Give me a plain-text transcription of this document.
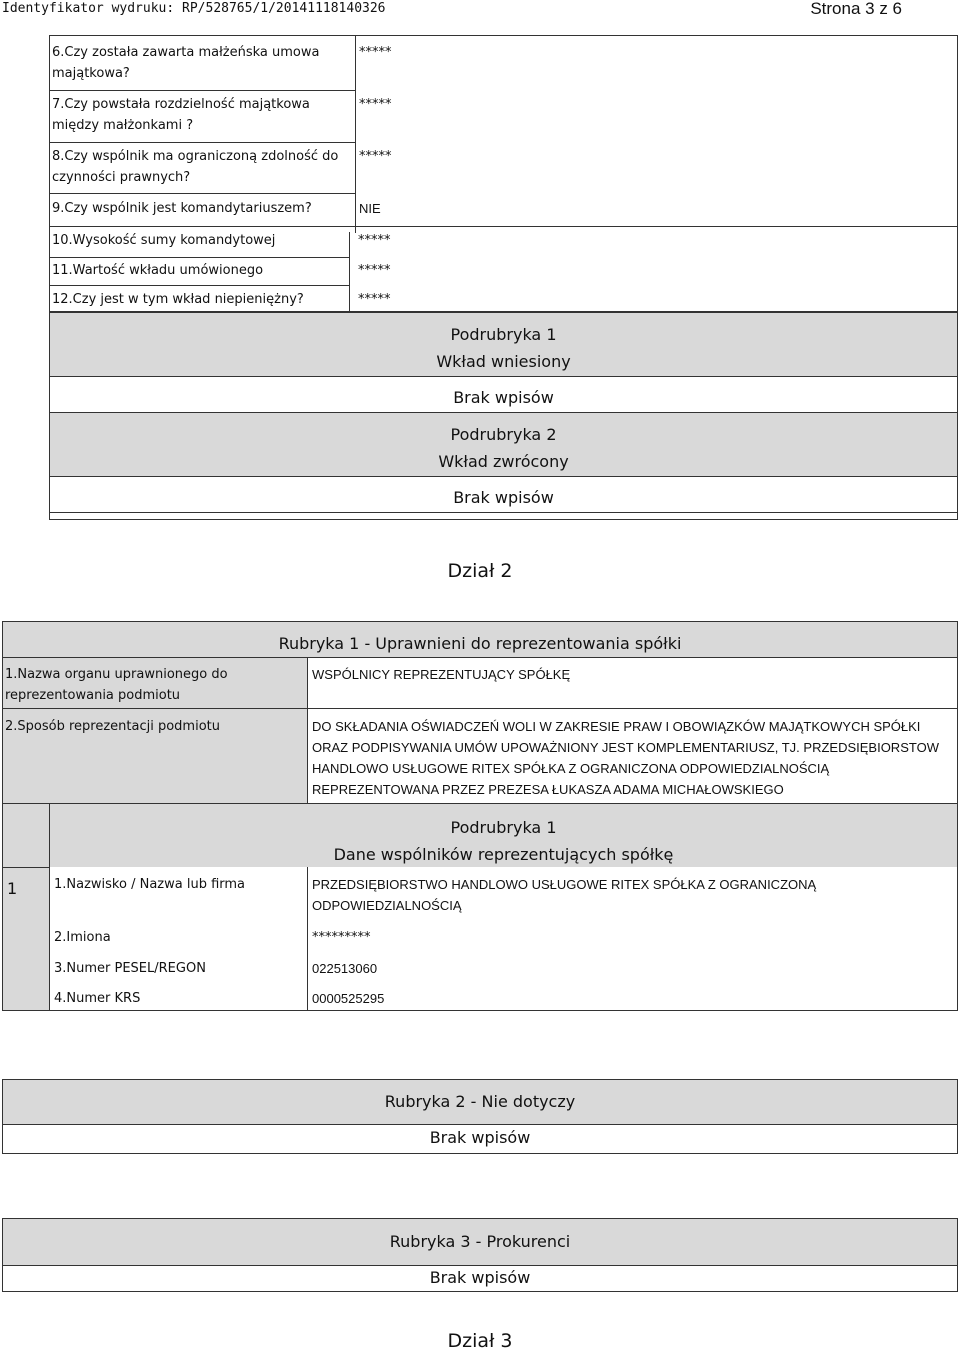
Identyfikator wydruku: RP/528765/1/20141118140326	Strona 3 z 6
6.Czy została zawarta małżeńska umowa majątkowa?
*****
7.Czy powstała rozdzielność majątkowa między małżonkami ?
*****
8.Czy wspólnik ma ograniczoną zdolność do czynności prawnych?
*****
9.Czy wspólnik jest komandytariuszem?	NIE
10.Wysokość sumy komandytowej	*****
11.Wartość wkładu umówionego	*****
12.Czy jest w tym wkład niepieniężny?	*****
Podrubryka 1
Wkład wniesiony
Brak wpisów
Podrubryka 2
Wkład zwrócony
Brak wpisów
Dział 2
Rubryka 1 - Uprawnieni do reprezentowania spółki
1.Nazwa organu uprawnionego do reprezentowania podmiotu
WSPÓLNICY REPREZENTUJĄCY SPÓŁKĘ
2.Sposób reprezentacji podmiotu	DO SKŁADANIA OŚWIADCZEŃ WOLI W ZAKRESIE PRAW I OBOWIĄZKÓW MAJĄTKOWYCH SPÓŁKI ORAZ PODPISYWANIA UMÓW UPOWAŻNIONY JEST KOMPLEMENTARIUSZ, TJ. PRZEDSIĘBIORSTOW HANDLOWO USŁUGOWE RITEX SPÓŁKA Z OGRANICZONA ODPOWIEDZIALNOŚCIĄ REPREZENTOWANA PRZEZ PREZESA ŁUKASZA ADAMA MICHAŁOWSKIEGO
Podrubryka 1
Dane wspólników reprezentujących spółkę
1	1.Nazwisko / Nazwa lub firma	PRZEDSIĘBIORSTWO HANDLOWO USŁUGOWE RITEX SPÓŁKA Z OGRANICZONĄ ODPOWIEDZIALNOŚCIĄ
2.Imiona	*********
3.Numer PESEL/REGON	022513060
4.Numer KRS	0000525295
Rubryka 2 - Nie dotyczy
Brak wpisów
Rubryka 3 - Prokurenci
Brak wpisów
Dział 3
